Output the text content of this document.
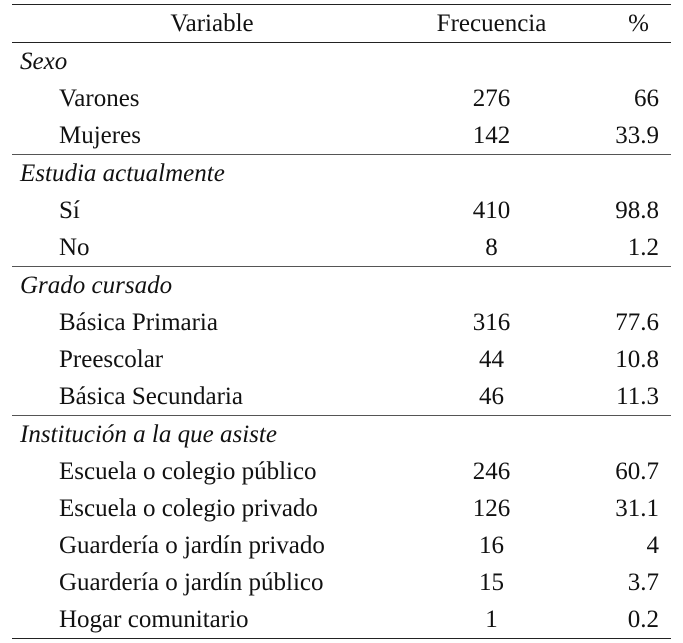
Variable	Frecuencia	%
Sexo		
Varones	276	66
Mujeres	142	33.9
Estudia actualmente		
Sí	410	98.8
No	8	1.2
Grado cursado		
Básica Primaria	316	77.6
Preescolar	44	10.8
Básica Secundaria	46	11.3
Institución a la que asiste		
Escuela o colegio público	246	60.7
Escuela o colegio privado	126	31.1
Guardería o jardín privado	16	4
Guardería o jardín público	15	3.7
Hogar comunitario	1	0.2
